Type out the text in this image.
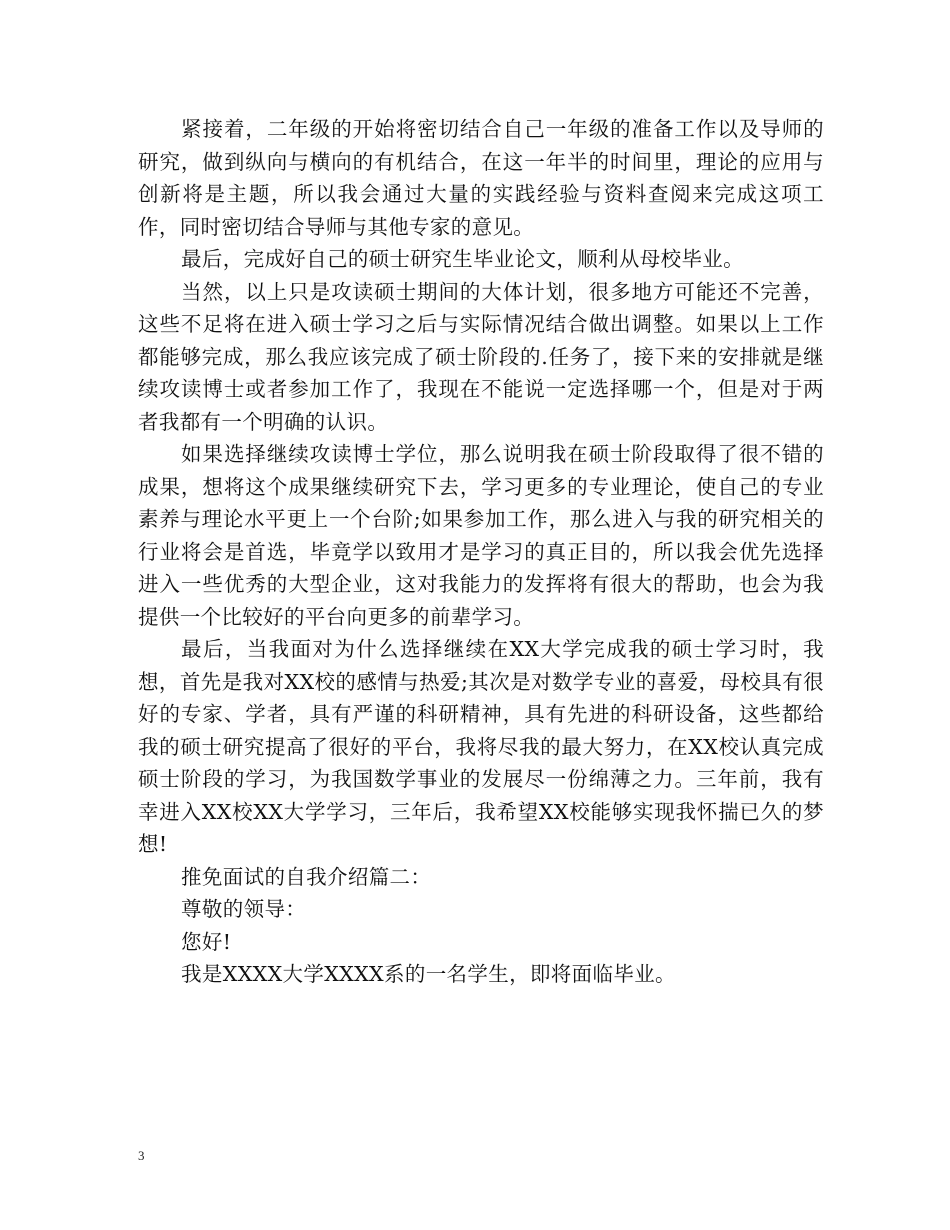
紧接着，二年级的开始将密切结合自己一年级的准备工作以及导师的研究，做到纵向与横向的有机结合，在这一年半的时间里，理论的应用与创新将是主题，所以我会通过大量的实践经验与资料查阅来完成这项工作，同时密切结合导师与其他专家的意见。

最后，完成好自己的硕士研究生毕业论文，顺利从母校毕业。

当然，以上只是攻读硕士期间的大体计划，很多地方可能还不完善，这些不足将在进入硕士学习之后与实际情况结合做出调整。如果以上工作都能够完成，那么我应该完成了硕士阶段的.任务了，接下来的安排就是继续攻读博士或者参加工作了，我现在不能说一定选择哪一个，但是对于两者我都有一个明确的认识。

如果选择继续攻读博士学位，那么说明我在硕士阶段取得了很不错的成果，想将这个成果继续研究下去，学习更多的专业理论，使自己的专业素养与理论水平更上一个台阶;如果参加工作，那么进入与我的研究相关的行业将会是首选，毕竟学以致用才是学习的真正目的，所以我会优先选择进入一些优秀的大型企业，这对我能力的发挥将有很大的帮助，也会为我提供一个比较好的平台向更多的前辈学习。

最后，当我面对为什么选择继续在XX大学完成我的硕士学习时，我想，首先是我对XX校的感情与热爱;其次是对数学专业的喜爱，母校具有很好的专家、学者，具有严谨的科研精神，具有先进的科研设备，这些都给我的硕士研究提高了很好的平台，我将尽我的最大努力，在XX校认真完成硕士阶段的学习，为我国数学事业的发展尽一份绵薄之力。三年前，我有幸进入XX校XX大学学习，三年后，我希望XX校能够实现我怀揣已久的梦想!

推免面试的自我介绍篇二：

尊敬的领导：

您好!

我是XXXX大学XXXX系的一名学生，即将面临毕业。

3
